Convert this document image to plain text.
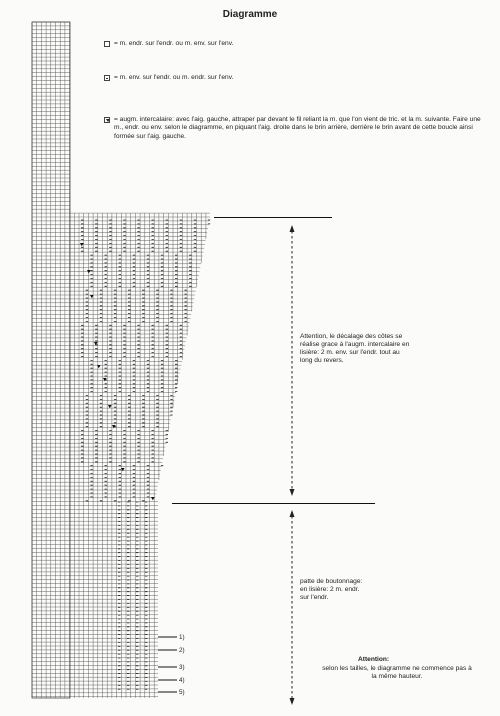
Diagramme
= m. endr. sur l'endr. ou m. env. sur l'env.
= m. env. sur l'endr. ou m. endr. sur l'env.
= augm. intercalaire: avec l'aig. gauche, attraper par devant le fil reliant la m. que l'on vient de tric. et la m. suivante. Faire une m., endr. ou env. selon le diagramme, en piquant l'aig. droite dans le brin arrière, derrière le brin avant de cette boucle ainsi formée sur l'aig. gauche.
Attention, le décalage des côtes se réalise grace à l'augm. intercalaire en lisière: 2 m. env. sur l'endr. tout au long du revers.
patte de boutonnage: en lisière: 2 m. endr. sur l'endr.
Attention:
selon les tailles, le diagramme ne commence pas à la même hauteur.
1)
2)
3)
4)
5)
